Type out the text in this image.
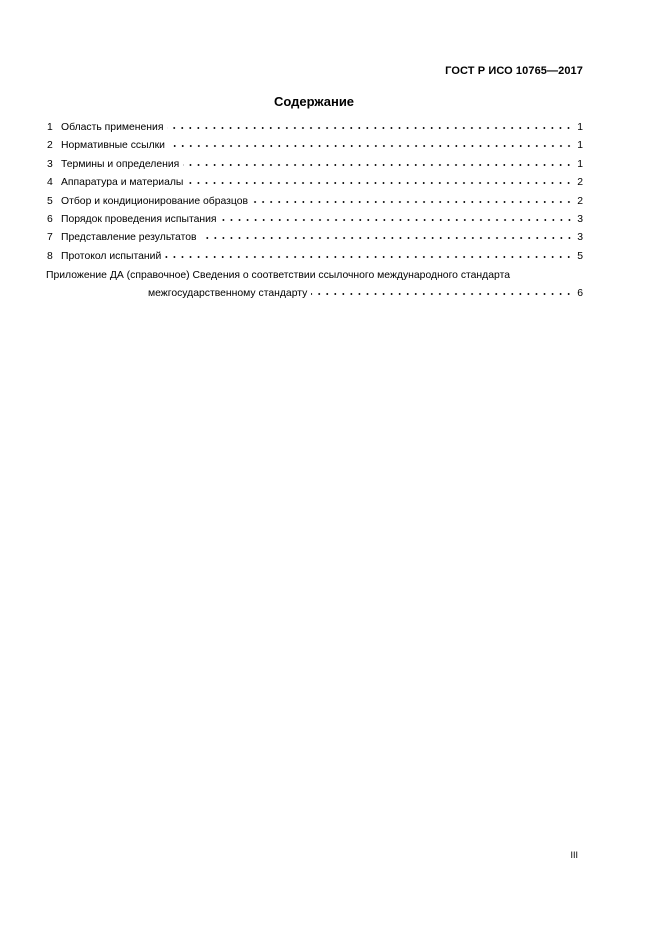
ГОСТ Р ИСО 10765—2017
Содержание
1 Область применения	1
2 Нормативные ссылки	1
3 Термины и определения	1
4 Аппаратура и материалы	2
5 Отбор и кондиционирование образцов	2
6 Порядок проведения испытания	3
7 Представление результатов	3
8 Протокол испытаний	5
Приложение ДА (справочное) Сведения о соответствии ссылочного международного стандарта
межгосударственному стандарту	6
III
